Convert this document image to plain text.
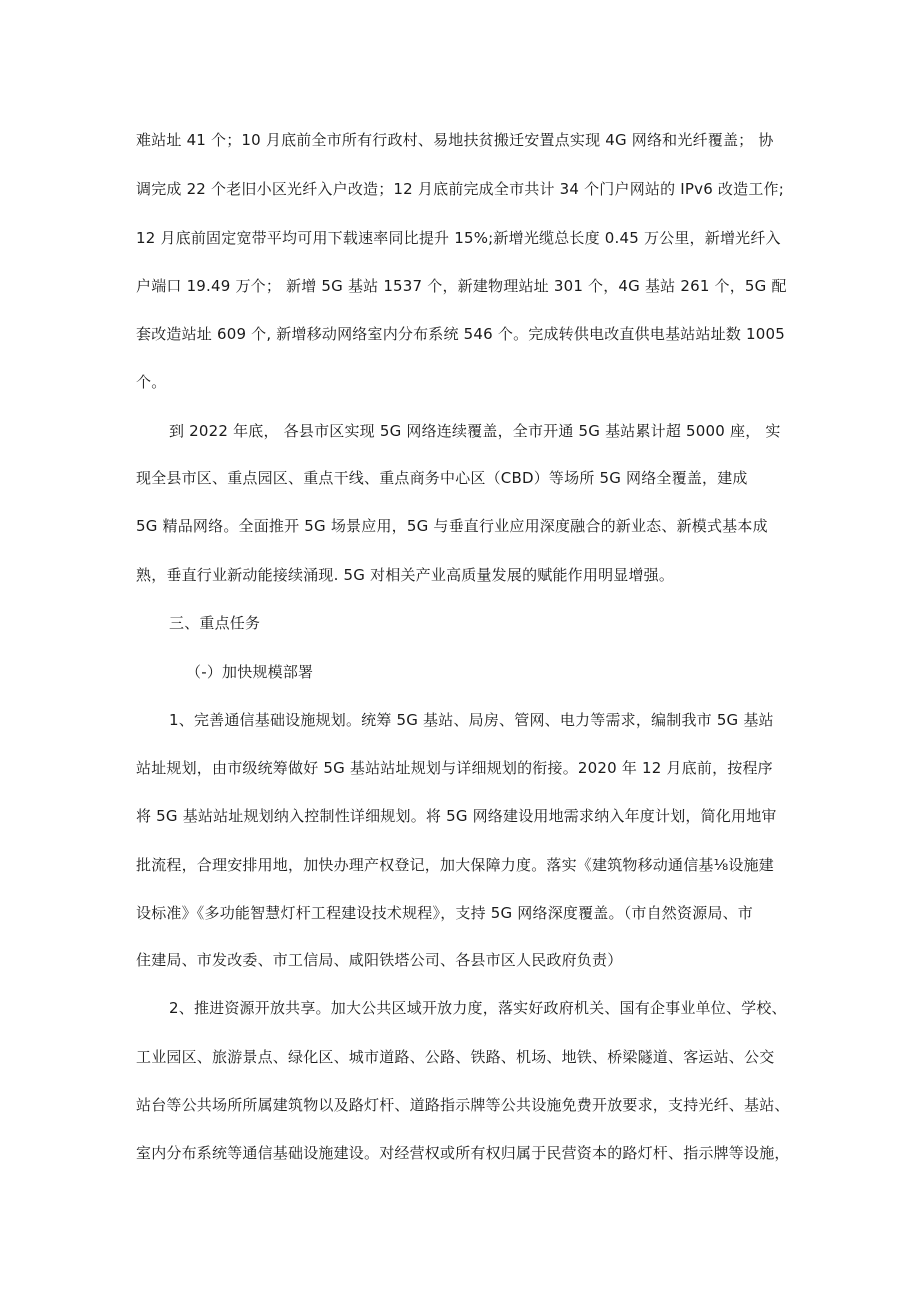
难站址 41 个；10 月底前全市所有行政村、易地扶贫搬迁安置点实现 4G 网络和光纤覆盖； 协
调完成 22 个老旧小区光纤入户改造；12 月底前完成全市共计 34 个门户网站的 IPv6 改造工作;
12 月底前固定宽带平均可用下载速率同比提升 15%;新增光缆总长度 0.45 万公里，新增光纤入
户端口 19.49 万个； 新增 5G 基站 1537 个，新建物理站址 301 个，4G 基站 261 个，5G 配
套改造站址 609 个, 新增移动网络室内分布系统 546 个。完成转供电改直供电基站站址数 1005
个。
到 2022 年底， 各县市区实现 5G 网络连续覆盖，全市开通 5G 基站累计超 5000 座， 实
现全县市区、重点园区、重点干线、重点商务中心区（CBD）等场所 5G 网络全覆盖，建成
5G 精品网络。全面推开 5G 场景应用，5G 与垂直行业应用深度融合的新业态、新模式基本成
熟，垂直行业新动能接续涌现. 5G 对相关产业高质量发展的赋能作用明显增强。
三、重点任务
（-）加快规模部署
1、完善通信基础设施规划。统筹 5G 基站、局房、管网、电力等需求，编制我市 5G 基站
站址规划，由市级统筹做好 5G 基站站址规划与详细规划的衔接。2020 年 12 月底前，按程序
将 5G 基站站址规划纳入控制性详细规划。将 5G 网络建设用地需求纳入年度计划，简化用地审
批流程，合理安排用地，加快办理产权登记，加大保障力度。落实《建筑物移动通信基⅛设施建
设标准》《多功能智慧灯杆工程建设技术规程》，支持 5G 网络深度覆盖。（市自然资源局、市
住建局、市发改委、市工信局、咸阳铁塔公司、各县市区人民政府负责）
2、推进资源开放共享。加大公共区域开放力度，落实好政府机关、国有企事业单位、学校、
工业园区、旅游景点、绿化区、城市道路、公路、铁路、机场、地铁、桥梁隧道、客运站、公交
站台等公共场所所属建筑物以及路灯杆、道路指示牌等公共设施免费开放要求，支持光纤、基站、
室内分布系统等通信基础设施建设。对经营权或所有权归属于民营资本的路灯杆、指示牌等设施，
